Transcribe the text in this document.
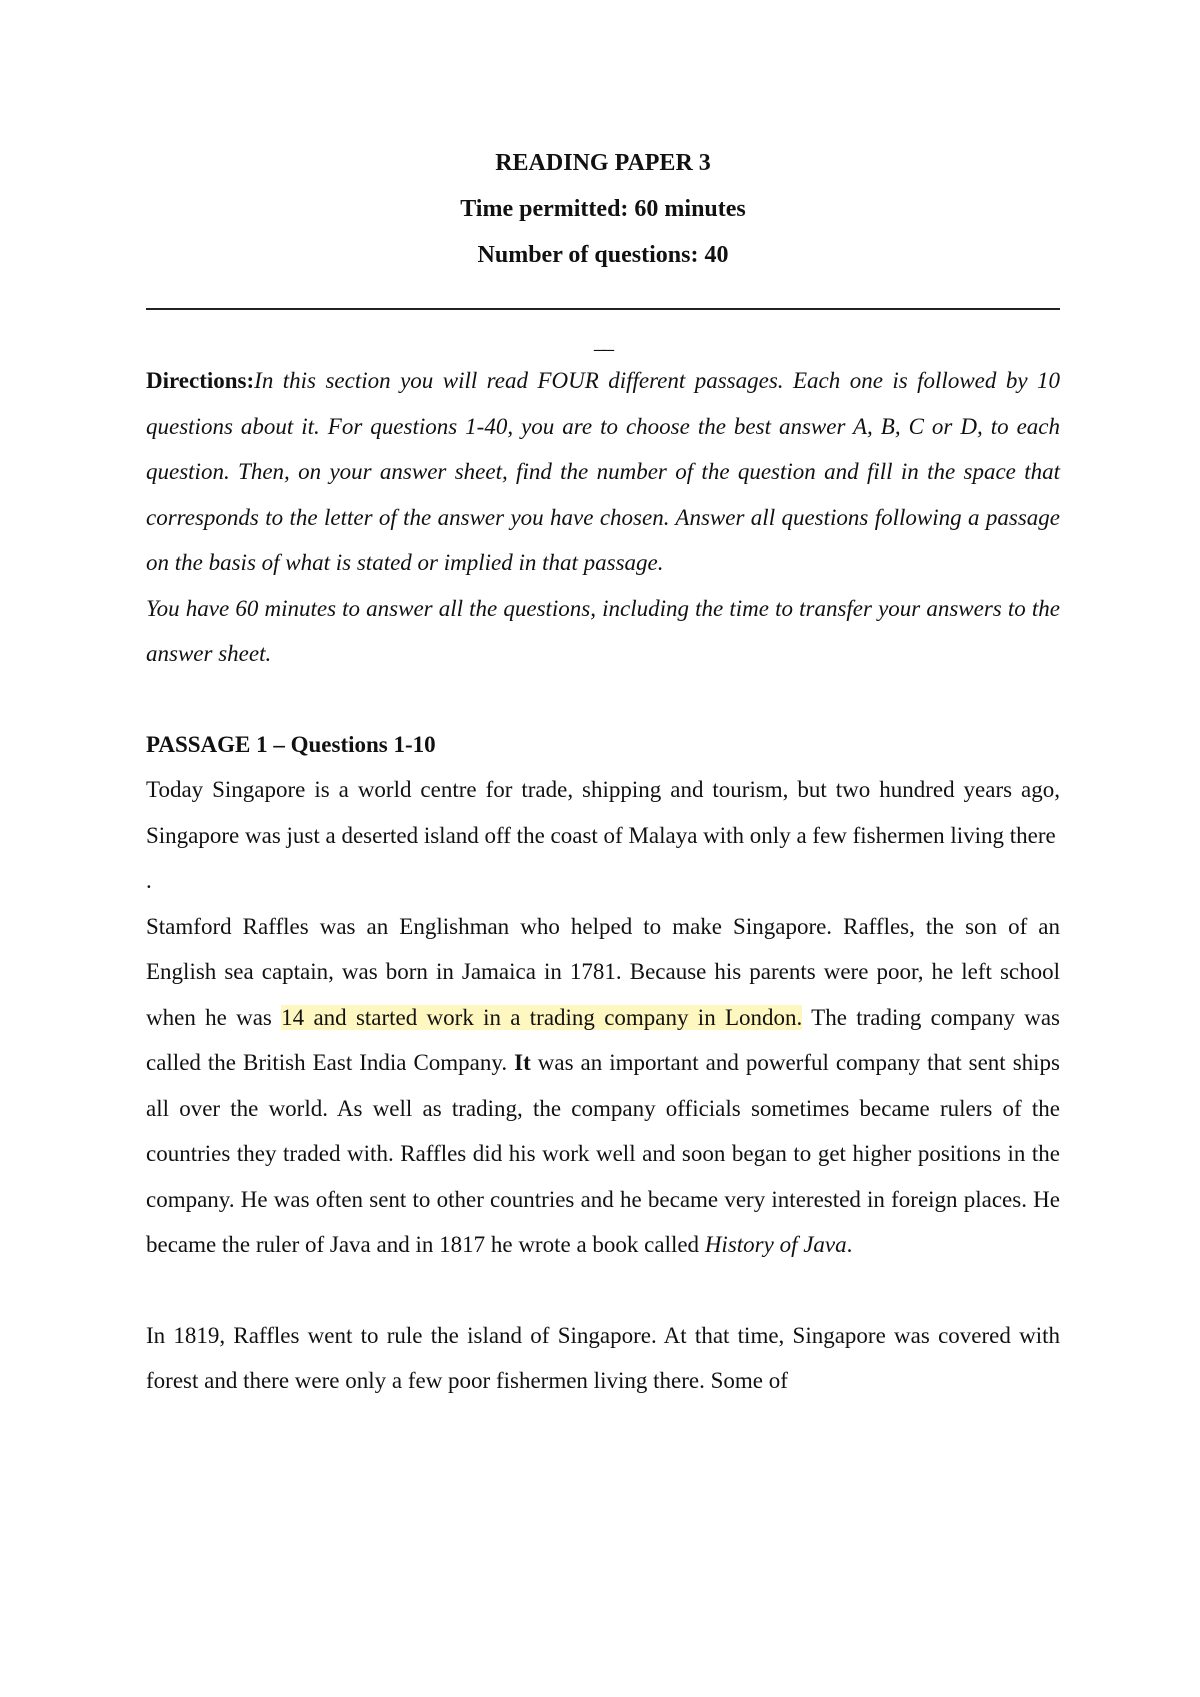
READING PAPER 3

Time permitted: 60 minutes

Number of questions: 40

__

Directions:In this section you will read FOUR different passages. Each one is followed by 10 questions about it. For questions 1-40, you are to choose the best answer A, B, C or D, to each question. Then, on your answer sheet, find the number of the question and fill in the space that corresponds to the letter of the answer you have chosen. Answer all questions following a passage on the basis of what is stated or implied in that passage.

You have 60 minutes to answer all the questions, including the time to transfer your answers to the answer sheet.

PASSAGE 1 – Questions 1-10

Today Singapore is a world centre for trade, shipping and tourism, but two hundred years ago, Singapore was just a deserted island off the coast of Malaya with only a few fishermen living there

.

Stamford Raffles was an Englishman who helped to make Singapore. Raffles, the son of an English sea captain, was born in Jamaica in 1781. Because his parents were poor, he left school when he was 14 and started work in a trading company in London. The trading company was called the British East India Company. It was an important and powerful company that sent ships all over the world. As well as trading, the company officials sometimes became rulers of the countries they traded with. Raffles did his work well and soon began to get higher positions in the company. He was often sent to other countries and he became very interested in foreign places. He became the ruler of Java and in 1817 he wrote a book called History of Java.

In 1819, Raffles went to rule the island of Singapore. At that time, Singapore was covered with forest and there were only a few poor fishermen living there. Some of
